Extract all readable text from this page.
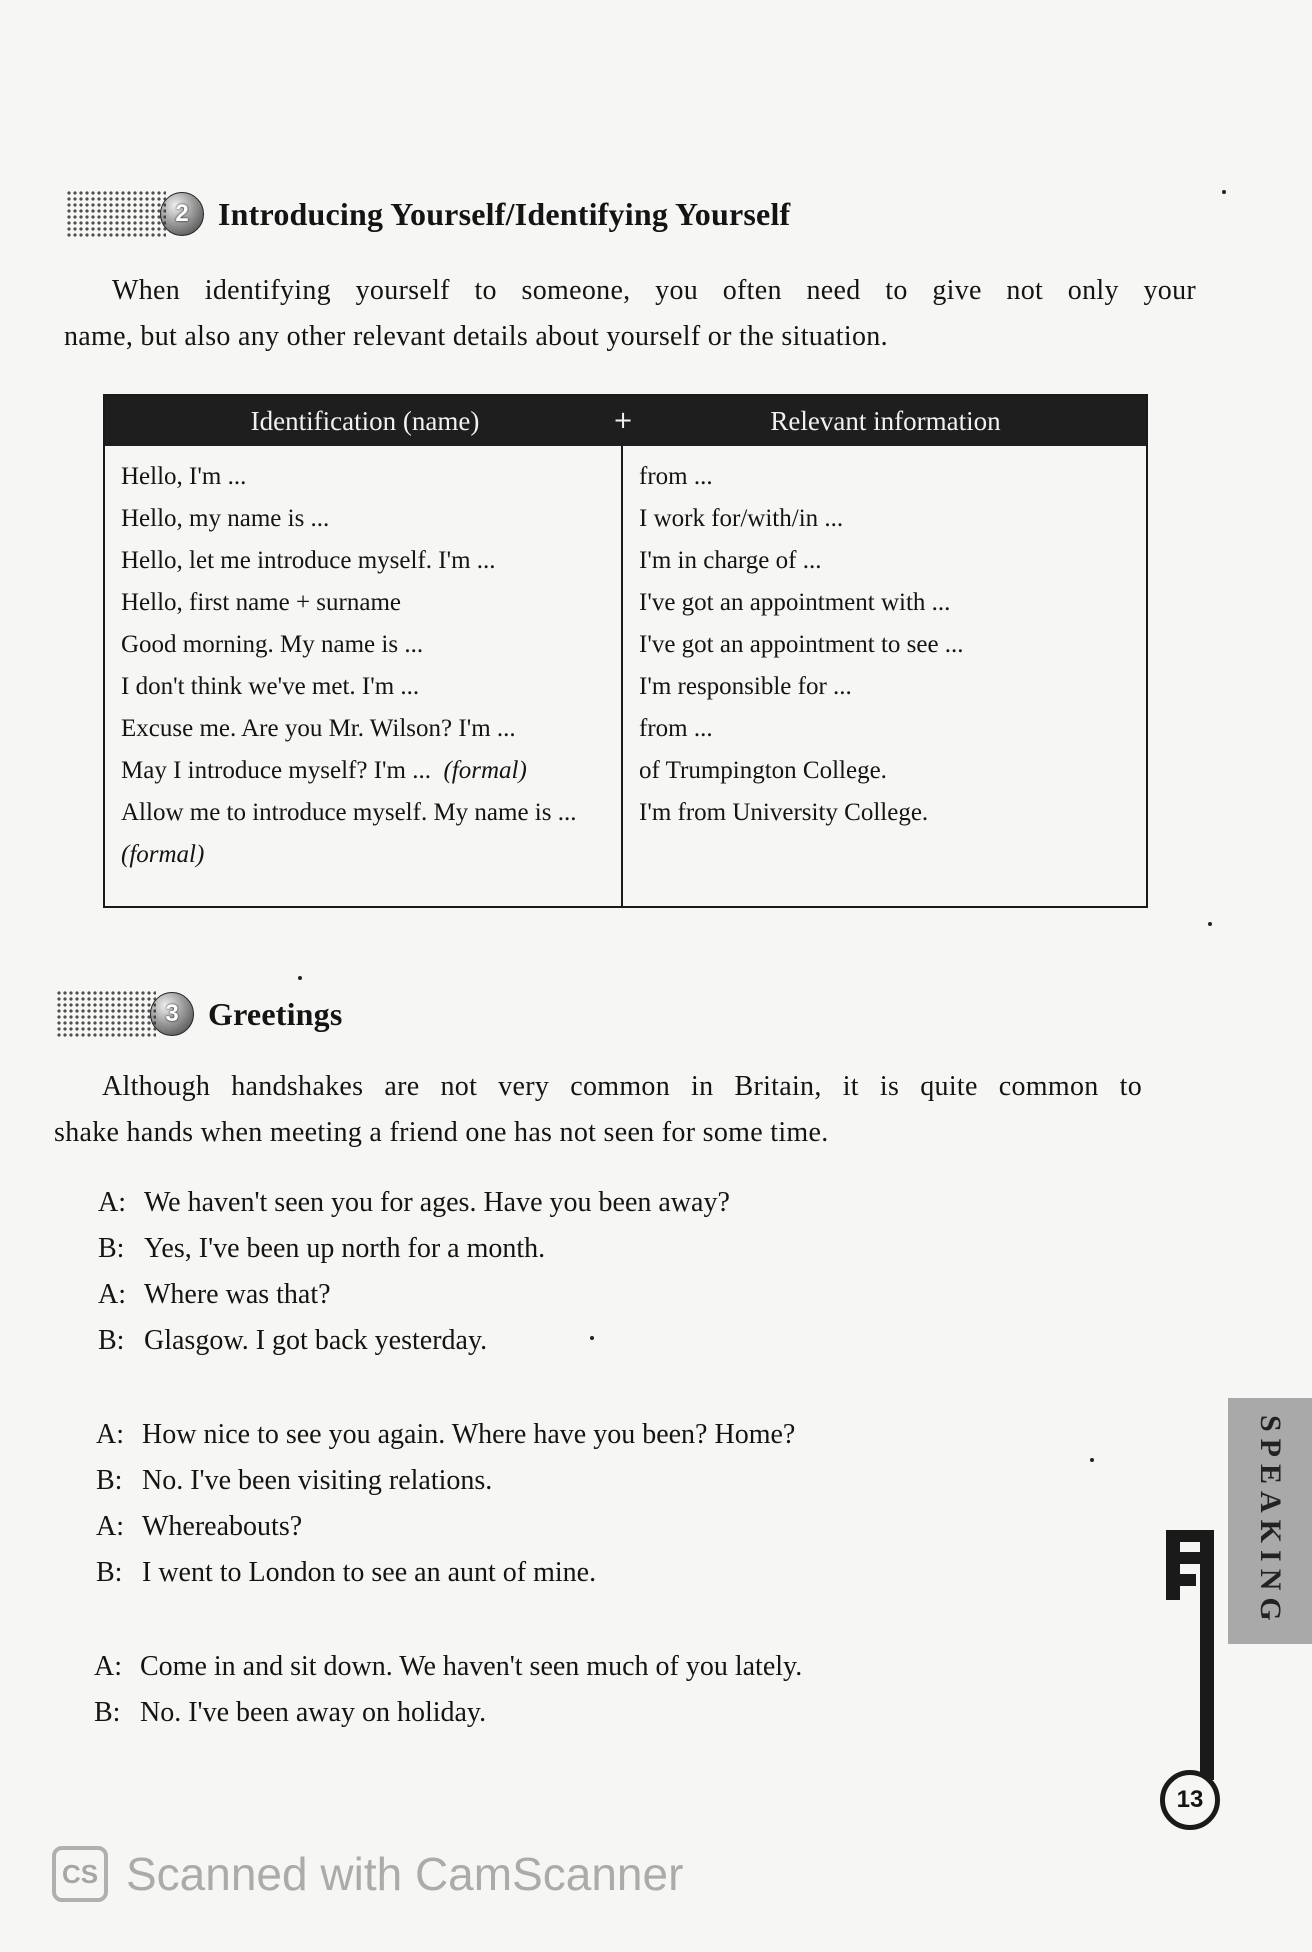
2 Introducing Yourself/Identifying Yourself
When identifying yourself to someone, you often need to give not only your
name, but also any other relevant details about yourself or the situation.
Identification (name)	+	Relevant information
Hello, I'm ...
Hello, my name is ...
Hello, let me introduce myself. I'm ...
Hello, first name + surname
Good morning. My name is ...
I don't think we've met. I'm ...
Excuse me. Are you Mr. Wilson? I'm ...
May I introduce myself? I'm ... (formal)
Allow me to introduce myself. My name is ...
(formal)
from ...
I work for/with/in ...
I'm in charge of ...
I've got an appointment with ...
I've got an appointment to see ...
I'm responsible for ...
from ...
of Trumpington College.
I'm from University College.
3 Greetings
Although handshakes are not very common in Britain, it is quite common to
shake hands when meeting a friend one has not seen for some time.
A: We haven't seen you for ages. Have you been away?
B: Yes, I've been up north for a month.
A: Where was that?
B: Glasgow. I got back yesterday.
A: How nice to see you again. Where have you been? Home?
B: No. I've been visiting relations.
A: Whereabouts?
B: I went to London to see an aunt of mine.
A: Come in and sit down. We haven't seen much of you lately.
B: No. I've been away on holiday.
SPEAKING
13
CS Scanned with CamScanner
